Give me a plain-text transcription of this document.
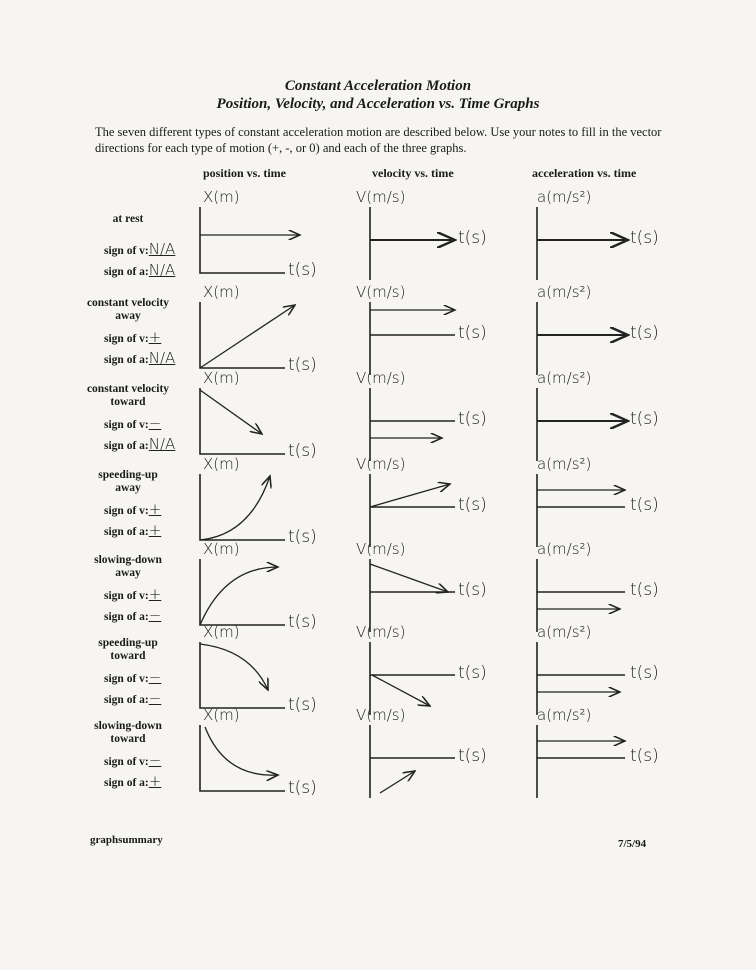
Constant Acceleration Motion
Position, Velocity, and Acceleration vs. Time Graphs
The seven different types of constant acceleration motion are described below. Use your notes to fill in the vector directions for each type of motion (+, -, or 0) and each of the three graphs.
position vs. time	velocity vs. time	acceleration vs. time
at rest
sign of v:N/A
sign of a:N/A
X(m)
t(s)
V(m/s)
t(s)
a(m/s²)
t(s)
constant velocity
away
sign of v:+
sign of a:N/A
X(m)
t(s)
V(m/s)
t(s)
a(m/s²)
t(s)
constant velocity
toward
sign of v:−
sign of a:N/A
X(m)
t(s)
V(m/s)
t(s)
a(m/s²)
t(s)
speeding-up
away
sign of v:+
sign of a:+
X(m)
t(s)
V(m/s)
t(s)
a(m/s²)
t(s)
slowing-down
away
sign of v:+
sign of a:−
X(m)
t(s)
V(m/s)
t(s)
a(m/s²)
t(s)
speeding-up
toward
sign of v:−
sign of a:−
X(m)
t(s)
V(m/s)
t(s)
a(m/s²)
t(s)
slowing-down
toward
sign of v:−
sign of a:+
X(m)
t(s)
V(m/s)
t(s)
a(m/s²)
t(s)
graphsummary	7/5/94
